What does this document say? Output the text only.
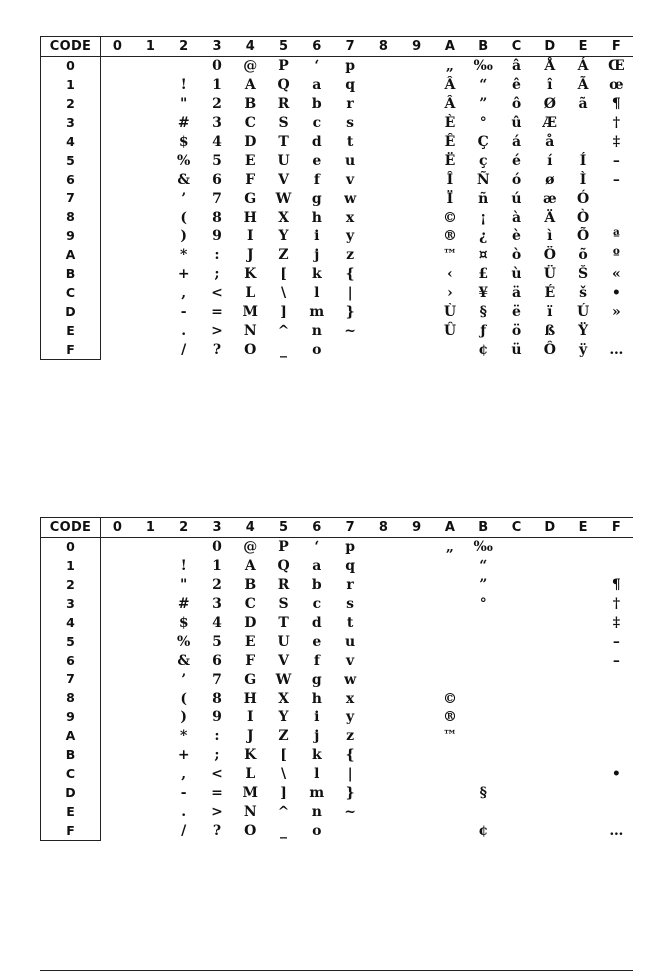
CODE	0	1	2	3	4	5	6	7	8	9	A	B	C	D	E	F
0				0	@	P	‘	p			„	‰	â	Å	Á	Œ
1			!	1	A	Q	a	q			Â	“	ê	î	Ã	œ
2			"	2	B	R	b	r			Â	”	ô	Ø	ã	¶
3			#	3	C	S	c	s			È	°	û	Æ		†
4			$	4	D	T	d	t			Ê	Ç	á	å		‡
5			%	5	E	U	e	u			Ë	ç	é	í	Í	–
6			&	6	F	V	f	v			Î	Ñ	ó	ø	Ì	–
7			’	7	G	W	g	w			Ï	ñ	ú	æ	Ó	
8			(	8	H	X	h	x			©	¡	à	Ä	Ò	
9			)	9	I	Y	i	y			®	¿	è	ì	Õ	ª
A			*	:	J	Z	j	z			™	¤	ò	Ö	õ	º
B			+	;	K	[	k	{			‹	£	ù	Ü	Š	«
C			,	<	L	\	l	|			›	¥	ä	É	š	•
D			-	=	M	]	m	}			Ù	§	ë	ï	Ú	»
E			.	>	N	^	n	~			Û	ƒ	ö	ß	Ÿ	
F			/	?	O	_	o					¢	ü	Ô	ÿ	…
CODE	0	1	2	3	4	5	6	7	8	9	A	B	C	D	E	F
0				0	@	P	‘	p			„	‰				
1			!	1	A	Q	a	q				“				
2			"	2	B	R	b	r				”				¶
3			#	3	C	S	c	s				°				†
4			$	4	D	T	d	t								‡
5			%	5	E	U	e	u								–
6			&	6	F	V	f	v								–
7			’	7	G	W	g	w								
8			(	8	H	X	h	x			©					
9			)	9	I	Y	i	y			®					
A			*	:	J	Z	j	z			™					
B			+	;	K	[	k	{								
C			,	<	L	\	l	|								•
D			-	=	M	]	m	}				§				
E			.	>	N	^	n	~								
F			/	?	O	_	o					¢				…
